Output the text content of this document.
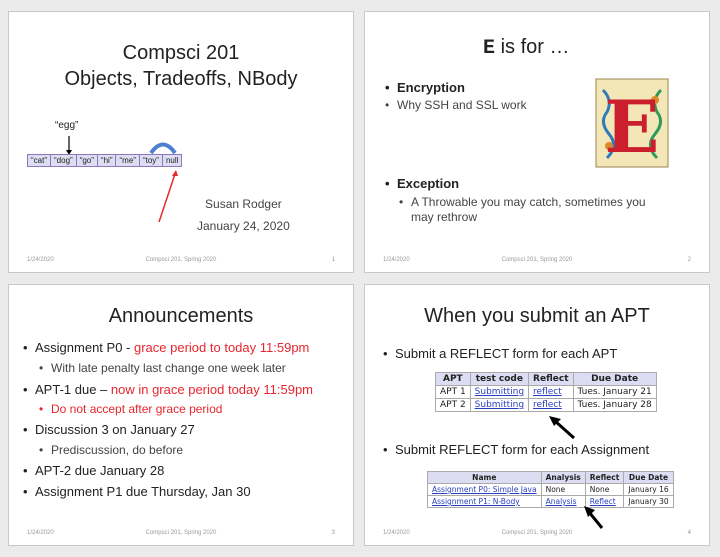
Compsci 201
Objects, Tradeoffs, NBody
“egg”
“cat” “dog” “go” “hi” “me” “toy” null
Susan Rodger
January 24, 2020
1/24/2020	Compsci 201, Spring 2020	1
E is for …
• Encryption
• Why SSH and SSL work
• Exception
• A Throwable you may catch, sometimes you may rethrow
E
1/24/2020	Compsci 201, Spring 2020	2
Announcements
• Assignment P0 - grace period to today 11:59pm
• With late penalty last change one week later
• APT-1 due – now in grace period today 11:59pm
• Do not accept after grace period
• Discussion 3 on January 27
• Prediscussion, do before
• APT-2 due January 28
• Assignment P1 due Thursday, Jan 30
1/24/2020	Compsci 201, Spring 2020	3
When you submit an APT
• Submit a REFLECT form for each APT
APT	test code	Reflect	Due Date
APT 1	Submitting	reflect	Tues. January 21
APT 2	Submitting	reflect	Tues. January 28
• Submit REFLECT form for each Assignment
Name	Analysis	Reflect	Due Date
Assignment P0: Simple Java	None	None	January 16
Assignment P1: N-Body	Analysis	Reflect	January 30
1/24/2020	Compsci 201, Spring 2020	4
